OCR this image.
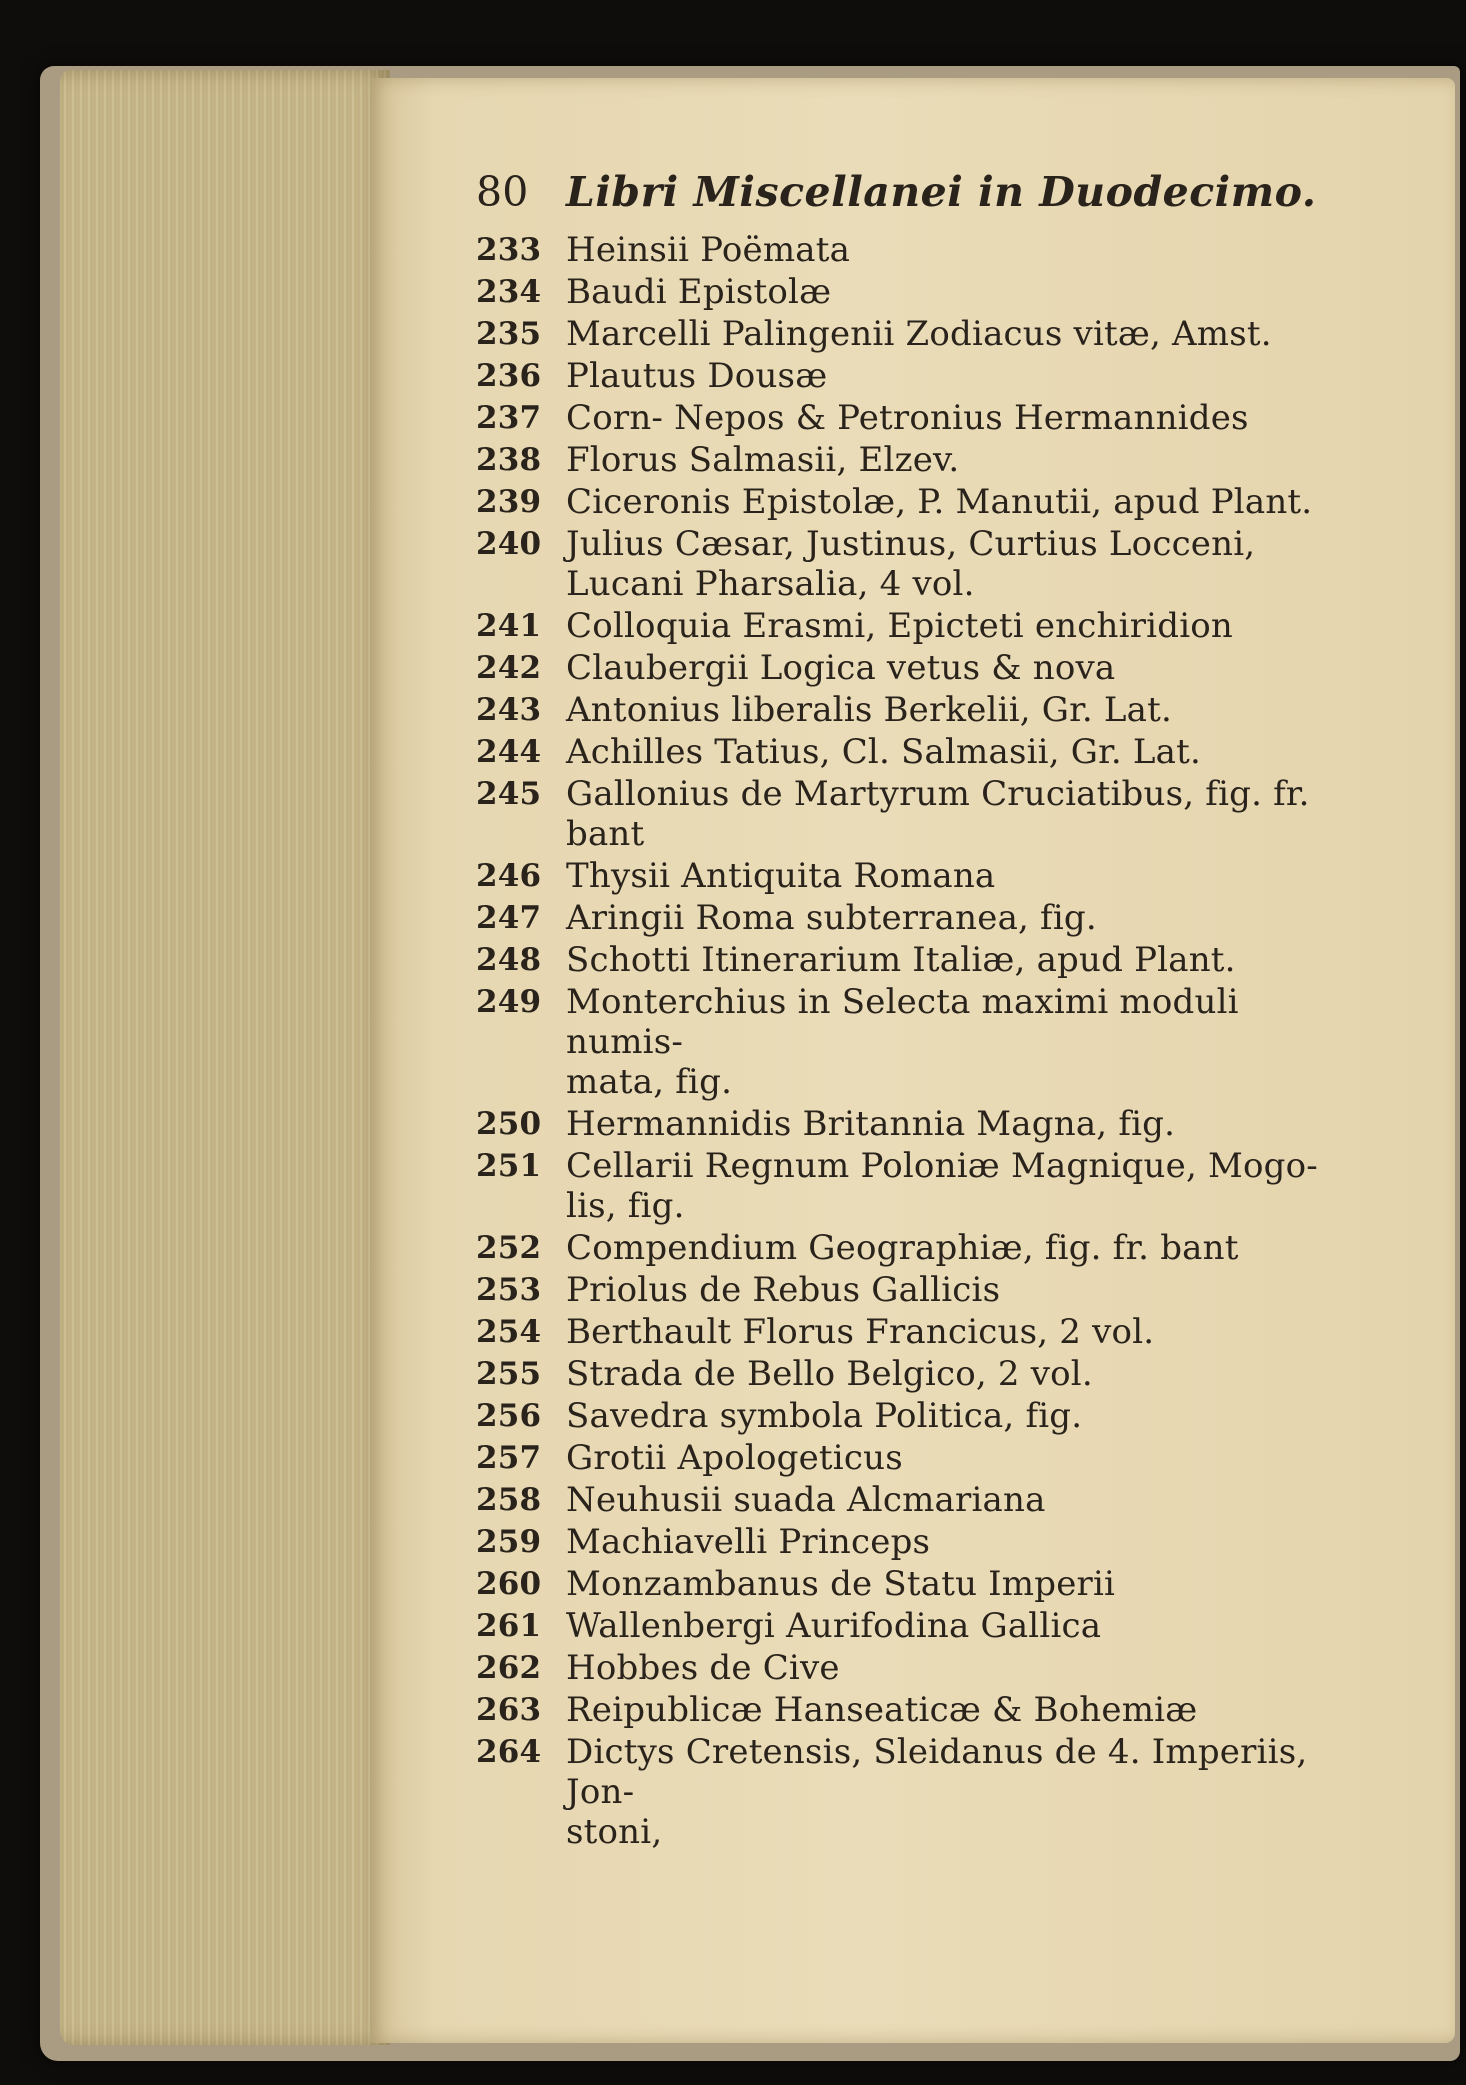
80 Libri Miscellanei in Duodecimo.
233 Heinsii Poëmata
234 Baudi Epistolæ
235 Marcelli Palingenii Zodiacus vitæ, Amst.
236 Plautus Dousæ
237 Corn- Nepos & Petronius Hermannides
238 Florus Salmasii, Elzev.
239 Ciceronis Epistolæ, P. Manutii, apud Plant.
240 Julius Cæsar, Justinus, Curtius Locceni,
Lucani Pharsalia, 4 vol.
241 Colloquia Erasmi, Epicteti enchiridion
242 Claubergii Logica vetus & nova
243 Antonius liberalis Berkelii, Gr. Lat.
244 Achilles Tatius, Cl. Salmasii, Gr. Lat.
245 Gallonius de Martyrum Cruciatibus, fig. fr.
bant
246 Thysii Antiquita Romana
247 Aringii Roma subterranea, fig.
248 Schotti Itinerarium Italiæ, apud Plant.
249 Monterchius in Selecta maximi moduli numis-
mata, fig.
250 Hermannidis Britannia Magna, fig.
251 Cellarii Regnum Poloniæ Magnique, Mogo-
lis, fig.
252 Compendium Geographiæ, fig. fr. bant
253 Priolus de Rebus Gallicis
254 Berthault Florus Francicus, 2 vol.
255 Strada de Bello Belgico, 2 vol.
256 Savedra symbola Politica, fig.
257 Grotii Apologeticus
258 Neuhusii suada Alcmariana
259 Machiavelli Princeps
260 Monzambanus de Statu Imperii
261 Wallenbergi Aurifodina Gallica
262 Hobbes de Cive
263 Reipublicæ Hanseaticæ & Bohemiæ
264 Dictys Cretensis, Sleidanus de 4. Imperiis, Jon-
stoni,
